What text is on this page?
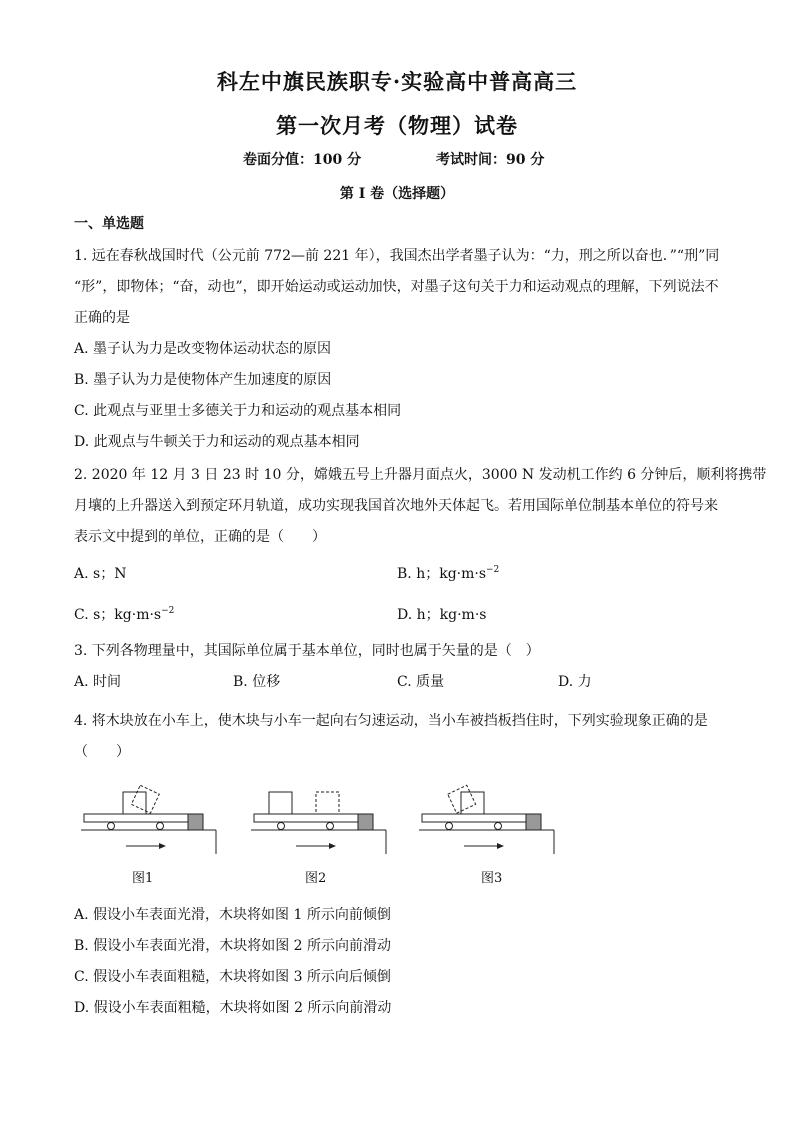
科左中旗民族职专·实验高中普高高三
第一次月考（物理）试卷
卷面分值：100 分	考试时间：90 分
第 I 卷（选择题）
一、单选题
1. 远在春秋战国时代（公元前 772—前 221 年），我国杰出学者墨子认为：“力，刑之所以奋也．”“刑”同
“形”，即物体；“奋，动也”，即开始运动或运动加快，对墨子这句关于力和运动观点的理解，下列说法不
正确的是
A. 墨子认为力是改变物体运动状态的原因
B. 墨子认为力是使物体产生加速度的原因
C. 此观点与亚里士多德关于力和运动的观点基本相同
D. 此观点与牛顿关于力和运动的观点基本相同
2. 2020 年 12 月 3 日 23 时 10 分，嫦娥五号上升器月面点火，3000 N 发动机工作约 6 分钟后，顺利将携带
月壤的上升器送入到预定环月轨道，成功实现我国首次地外天体起飞。若用国际单位制基本单位的符号来
表示文中提到的单位，正确的是（　　）
A. s；N	B. h；$kg\cdot m\cdot s^{-2}$
C. s；$kg\cdot m\cdot s^{-2}$	D. h；kg·m·s
3. 下列各物理量中，其国际单位属于基本单位，同时也属于矢量的是（　）
A. 时间	B. 位移	C. 质量	D. 力
4. 将木块放在小车上，使木块与小车一起向右匀速运动，当小车被挡板挡住时，下列实验现象正确的是
（　　）
图1	图2	图3
A. 假设小车表面光滑，木块将如图 1 所示向前倾倒
B. 假设小车表面光滑，木块将如图 2 所示向前滑动
C. 假设小车表面粗糙，木块将如图 3 所示向后倾倒
D. 假设小车表面粗糙，木块将如图 2 所示向前滑动
